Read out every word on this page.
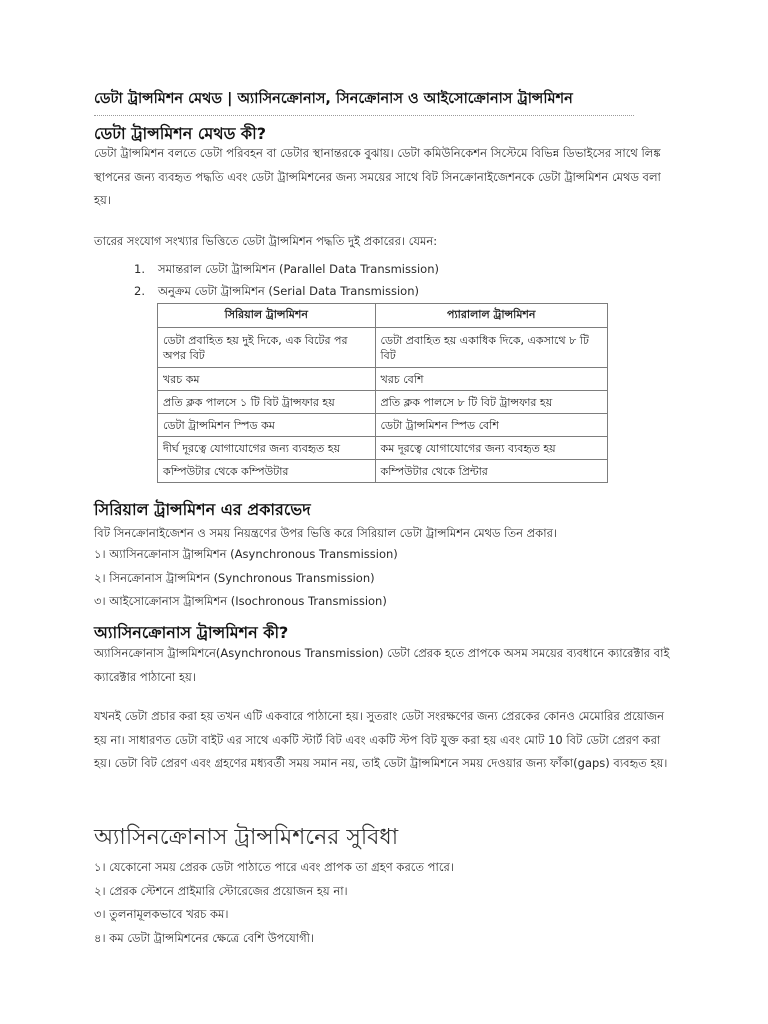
ডেটা ট্রান্সমিশন মেথড | অ্যাসিনক্রোনাস, সিনক্রোনাস ও আইসোক্রোনাস ট্রান্সমিশন
ডেটা ট্রান্সমিশন মেথড কী?
ডেটা ট্রান্সমিশন বলতে ডেটা পরিবহন বা ডেটার স্থানান্তরকে বুঝায়। ডেটা কমিউনিকেশন সিস্টেমে বিভিন্ন ডিভাইসের সাথে লিঙ্ক স্থাপনের জন্য ব্যবহৃত পদ্ধতি এবং ডেটা ট্রান্সমিশনের জন্য সময়ের সাথে বিট সিনক্রোনাইজেশনকে ডেটা ট্রান্সমিশন মেথড বলা হয়।
তারের সংযোগ সংখ্যার ভিত্তিতে ডেটা ট্রান্সমিশন পদ্ধতি দুই প্রকারের। যেমন:
1. সমান্তরাল ডেটা ট্রান্সমিশন (Parallel Data Transmission)
2. অনুক্রম ডেটা ট্রান্সমিশন (Serial Data Transmission)
সিরিয়াল ট্রান্সমিশন	প্যারালাল ট্রান্সমিশন
ডেটা প্রবাহিত হয় দুই দিকে, এক বিটের পর অপর বিট	ডেটা প্রবাহিত হয় একাধিক দিকে, একসাথে ৮ টি বিট
খরচ কম	খরচ বেশি
প্রতি ক্লক পালসে ১ টি বিট ট্রান্সফার হয়	প্রতি ক্লক পালসে ৮ টি বিট ট্রান্সফার হয়
ডেটা ট্রান্সমিশন স্পিড কম	ডেটা ট্রান্সমিশন স্পিড বেশি
দীর্ঘ দূরত্বে যোগাযোগের জন্য ব্যবহৃত হয়	কম দূরত্বে যোগাযোগের জন্য ব্যবহৃত হয়
কম্পিউটার থেকে কম্পিউটার	কম্পিউটার থেকে প্রিন্টার
সিরিয়াল ট্রান্সমিশন এর প্রকারভেদ
বিট সিনক্রোনাইজেশন ও সময় নিয়ন্ত্রণের উপর ভিত্তি করে সিরিয়াল ডেটা ট্রান্সমিশন মেথড তিন প্রকার।
১। অ্যাসিনক্রোনাস ট্রান্সমিশন (Asynchronous Transmission)
২। সিনক্রোনাস ট্রান্সমিশন (Synchronous Transmission)
৩। আইসোক্রোনাস ট্রান্সমিশন (Isochronous Transmission)
অ্যাসিনক্রোনাস ট্রান্সমিশন কী?
অ্যাসিনক্রোনাস ট্রান্সমিশনে(Asynchronous Transmission) ডেটা প্রেরক হতে প্রাপকে অসম সময়ের ব্যবধানে ক্যারেক্টার বাই ক্যারেক্টার পাঠানো হয়।
যখনই ডেটা প্রচার করা হয় তখন এটি একবারে পাঠানো হয়। সুতরাং ডেটা সংরক্ষণের জন্য প্রেরকের কোনও মেমোরির প্রয়োজন হয় না। সাধারণত ডেটা বাইট এর সাথে একটি স্টার্ট বিট এবং একটি স্টপ বিট যুক্ত করা হয় এবং মোট 10 বিট ডেটা প্রেরণ করা হয়। ডেটা বিট প্রেরণ এবং গ্রহণের মধ্যবর্তী সময় সমান নয়, তাই ডেটা ট্রান্সমিশনে সময় দেওয়ার জন্য ফাঁকা(gaps) ব্যবহৃত হয়।
অ্যাসিনক্রোনাস ট্রান্সমিশনের সুবিধা
১। যেকোনো সময় প্রেরক ডেটা পাঠাতে পারে এবং প্রাপক তা গ্রহণ করতে পারে।
২। প্রেরক স্টেশনে প্রাইমারি স্টোরেজের প্রয়োজন হয় না।
৩। তুলনামূলকভাবে খরচ কম।
৪। কম ডেটা ট্রান্সমিশনের ক্ষেত্রে বেশি উপযোগী।
